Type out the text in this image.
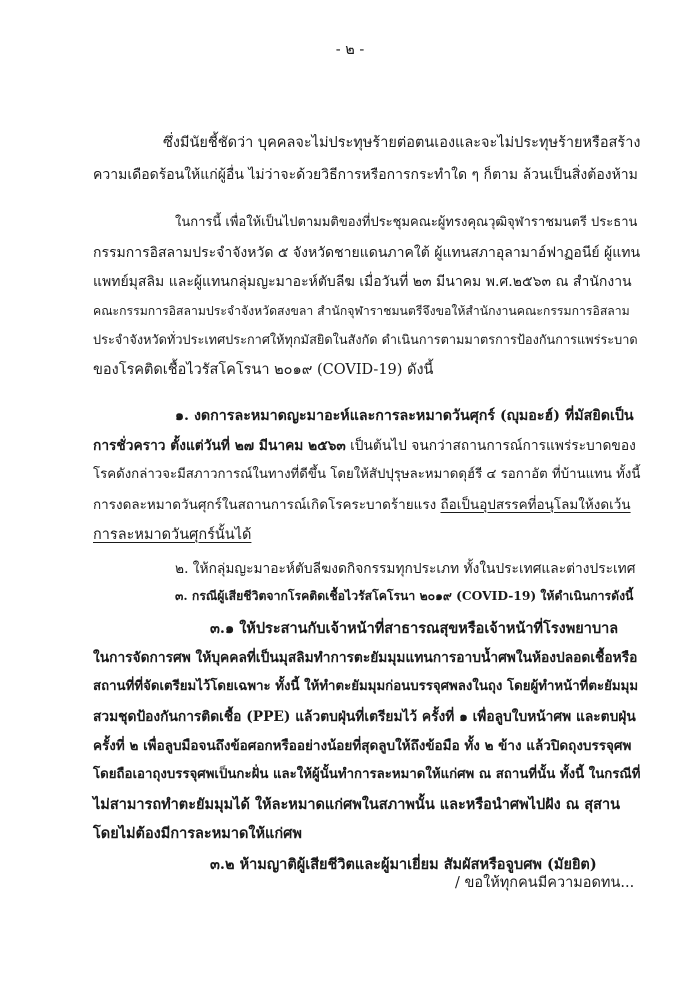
- ๒ -
ซึ่งมีนัยชี้ชัดว่า บุคคลจะไม่ประทุษร้ายต่อตนเองและจะไม่ประทุษร้ายหรือสร้าง
ความเดือดร้อนให้แก่ผู้อื่น ไม่ว่าจะด้วยวิธีการหรือการกระทำใด ๆ ก็ตาม ล้วนเป็นสิ่งต้องห้าม
ในการนี้ เพื่อให้เป็นไปตามมติของที่ประชุมคณะผู้ทรงคุณวุฒิจุฬาราชมนตรี ประธาน
กรรมการอิสลามประจำจังหวัด ๕ จังหวัดชายแดนภาคใต้ ผู้แทนสภาอุลามาอ์ฟาฏอนีย์ ผู้แทน
แพทย์มุสลิม และผู้แทนกลุ่มญะมาอะห์ตับลีฆ เมื่อวันที่ ๒๓ มีนาคม พ.ศ.๒๕๖๓ ณ สำนักงาน
คณะกรรมการอิสลามประจำจังหวัดสงขลา สำนักจุฬาราชมนตรีจึงขอให้สำนักงานคณะกรรมการอิสลาม
ประจำจังหวัดทั่วประเทศประกาศให้ทุกมัสยิดในสังกัด ดำเนินการตามมาตรการป้องกันการแพร่ระบาด
ของโรคติดเชื้อไวรัสโคโรนา ๒๐๑๙ (COVID-19) ดังนี้
๑. งดการละหมาดญะมาอะห์และการละหมาดวันศุกร์ (ญุมอะฮ์) ที่มัสยิดเป็น
การชั่วคราว ตั้งแต่วันที่ ๒๗ มีนาคม ๒๕๖๓ เป็นต้นไป จนกว่าสถานการณ์การแพร่ระบาดของ
โรคดังกล่าวจะมีสภาวการณ์ในทางที่ดีขึ้น โดยให้สัปปุรุษละหมาดดุฮ์รี ๔ รอกาอัต ที่บ้านแทน ทั้งนี้
การงดละหมาดวันศุกร์ในสถานการณ์เกิดโรคระบาดร้ายแรง ถือเป็นอุปสรรคที่อนุโลมให้งดเว้น
การละหมาดวันศุกร์นั้นได้
๒. ให้กลุ่มญะมาอะห์ตับลีฆงดกิจกรรมทุกประเภท ทั้งในประเทศและต่างประเทศ
๓. กรณีผู้เสียชีวิตจากโรคติดเชื้อไวรัสโคโรนา ๒๐๑๙ (COVID-19) ให้ดำเนินการดังนี้
๓.๑ ให้ประสานกับเจ้าหน้าที่สาธารณสุขหรือเจ้าหน้าที่โรงพยาบาล
ในการจัดการศพ ให้บุคคลที่เป็นมุสลิมทำการตะยัมมุมแทนการอาบน้ำศพในห้องปลอดเชื้อหรือ
สถานที่ที่จัดเตรียมไว้โดยเฉพาะ ทั้งนี้ ให้ทำตะยัมมุมก่อนบรรจุศพลงในถุง โดยผู้ทำหน้าที่ตะยัมมุม
สวมชุดป้องกันการติดเชื้อ (PPE) แล้วตบฝุ่นที่เตรียมไว้ ครั้งที่ ๑ เพื่อลูบใบหน้าศพ และตบฝุ่น
ครั้งที่ ๒ เพื่อลูบมือจนถึงข้อศอกหรืออย่างน้อยที่สุดลูบให้ถึงข้อมือ ทั้ง ๒ ข้าง แล้วปิดถุงบรรจุศพ
โดยถือเอาถุงบรรจุศพเป็นกะฝั่น และให้ผู้นั้นทำการละหมาดให้แก่ศพ ณ สถานที่นั้น ทั้งนี้ ในกรณีที่
ไม่สามารถทำตะยัมมุมได้ ให้ละหมาดแก่ศพในสภาพนั้น และหรือนำศพไปฝัง ณ สุสาน
โดยไม่ต้องมีการละหมาดให้แก่ศพ
๓.๒ ห้ามญาติผู้เสียชีวิตและผู้มาเยี่ยม สัมผัสหรือจูบศพ (มัยยิต)
/ ขอให้ทุกคนมีความอดทน...
